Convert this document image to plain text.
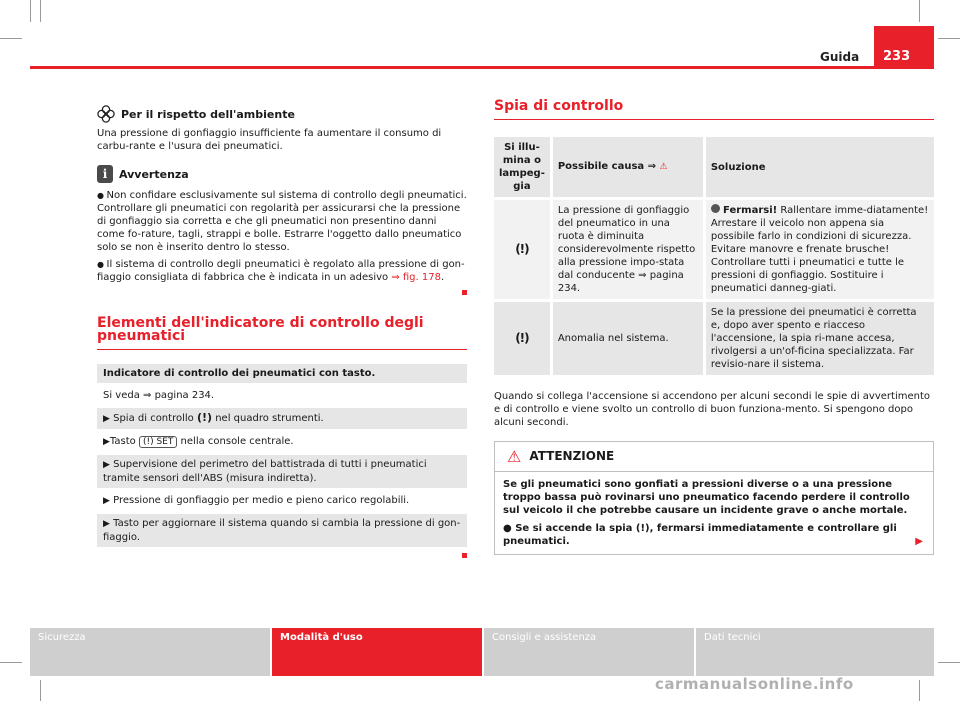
Guida	233
Per il rispetto dell'ambiente

Una pressione di gonfiaggio insufficiente fa aumentare il consumo di carbu-rante e l'usura dei pneumatici.

i	Avvertenza

● Non confidare esclusivamente sul sistema di controllo degli pneumatici. Controllare gli pneumatici con regolarità per assicurarsi che la pressione di gonfiaggio sia corretta e che gli pneumatici non presentino danni come fo-rature, tagli, strappi e bolle. Estrarre l'oggetto dallo pneumatico solo se non è inserito dentro lo stesso.

● Il sistema di controllo degli pneumatici è regolato alla pressione di gon-fiaggio consigliata di fabbrica che è indicata in un adesivo ⇒ fig. 178.

Elementi dell'indicatore di controllo degli pneumatici
Indicatore di controllo dei pneumatici con tasto.
Si veda ⇒ pagina 234.
▶ Spia di controllo (!) nel quadro strumenti.
▶Tasto (!) SET nella console centrale.
▶ Supervisione del perimetro del battistrada di tutti i pneumatici tramite sensori dell'ABS (misura indiretta).
▶ Pressione di gonfiaggio per medio e pieno carico regolabili.
▶ Tasto per aggiornare il sistema quando si cambia la pressione di gon-fiaggio.
Spia di controllo
Si illu-mina o lampeg-gia	Possibile causa ⇒ ⚠	Soluzione
(!)	La pressione di gonfiaggio del pneumatico in una ruota è diminuita considerevolmente rispetto alla pressione impo-stata dal conducente ⇒ pagina 234.	Fermarsi! Rallentare imme-diatamente! Arrestare il veicolo non appena sia possibile farlo in condizioni di sicurezza. Evitare manovre e frenate brusche! Controllare tutti i pneumatici e tutte le pressioni di gonfiaggio. Sostituire i pneumatici danneg-giati.
(!)	Anomalia nel sistema.	Se la pressione dei pneumatici è corretta e, dopo aver spento e riacceso l'accensione, la spia ri-mane accesa, rivolgersi a un'of-ficina specializzata. Far revisio-nare il sistema.

Quando si collega l'accensione si accendono per alcuni secondi le spie di avvertimento e di controllo e viene svolto un controllo di buon funziona-mento. Si spengono dopo alcuni secondi.

⚠ ATTENZIONE

Se gli pneumatici sono gonfiati a pressioni diverse o a una pressione troppo bassa può rovinarsi uno pneumatico facendo perdere il controllo sul veicolo il che potrebbe causare un incidente grave o anche mortale.

● Se si accende la spia (!), fermarsi immediatamente e controllare gli pneumatici.	▶

Sicurezza	Modalità d'uso	Consigli e assistenza	Dati tecnici
carmanualsonline.info
